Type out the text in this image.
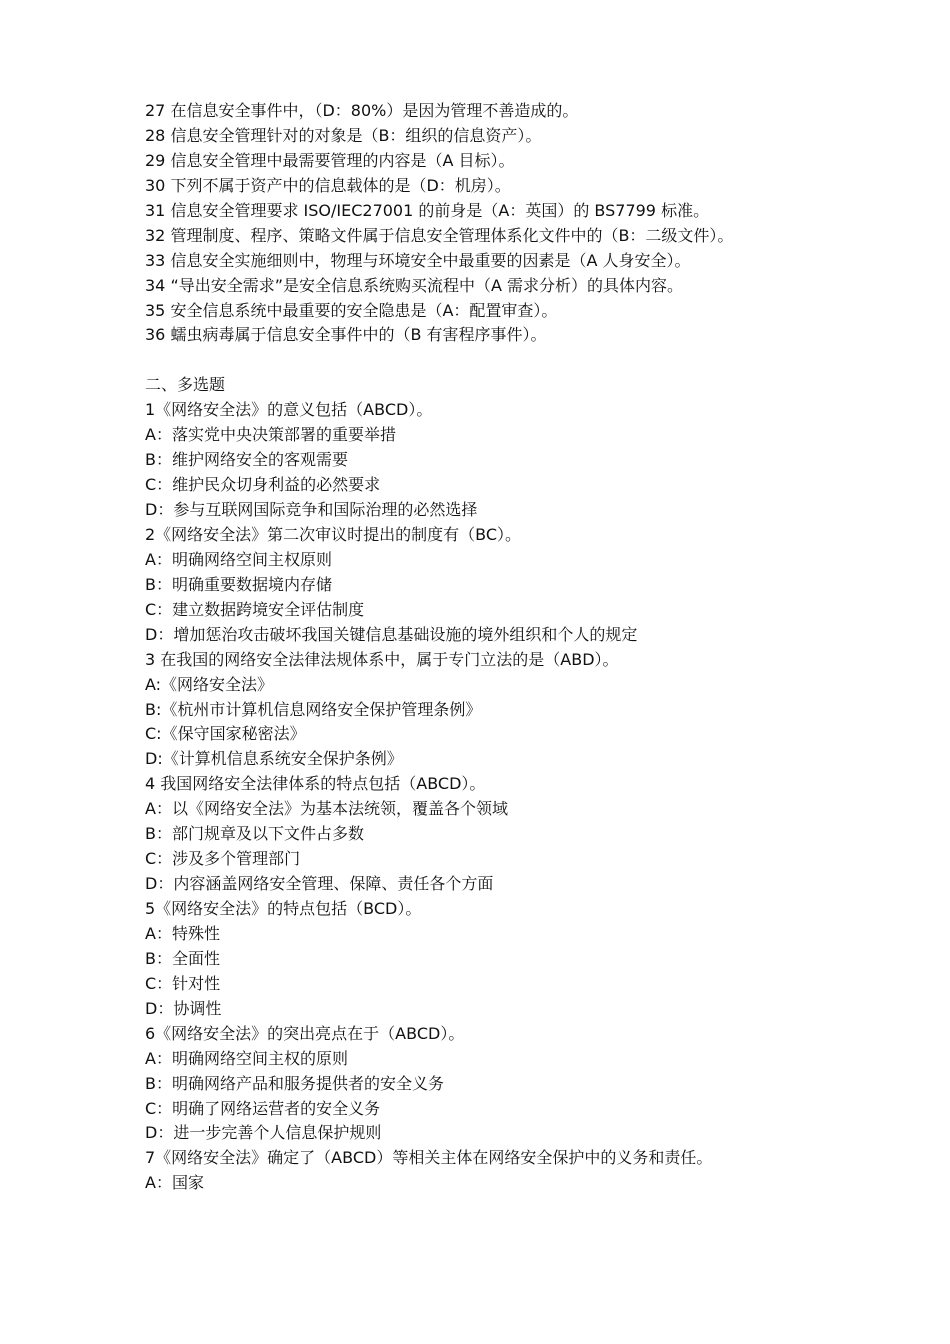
27 在信息安全事件中，（D：80%）是因为管理不善造成的。
28 信息安全管理针对的对象是（B：组织的信息资产）。
29 信息安全管理中最需要管理的内容是（A 目标）。
30 下列不属于资产中的信息载体的是（D：机房）。
31 信息安全管理要求 ISO/IEC27001 的前身是（A：英国）的 BS7799 标准。
32 管理制度、程序、策略文件属于信息安全管理体系化文件中的（B：二级文件）。
33 信息安全实施细则中，物理与环境安全中最重要的因素是（A 人身安全）。
34 “导出安全需求”是安全信息系统购买流程中（A 需求分析）的具体内容。
35 安全信息系统中最重要的安全隐患是（A：配置审查）。
36 蠕虫病毒属于信息安全事件中的（B 有害程序事件）。
二、多选题
1《网络安全法》的意义包括（ABCD）。
A：落实党中央决策部署的重要举措
B：维护网络安全的客观需要
C：维护民众切身利益的必然要求
D：参与互联网国际竞争和国际治理的必然选择
2《网络安全法》第二次审议时提出的制度有（BC）。
A：明确网络空间主权原则
B：明确重要数据境内存储
C：建立数据跨境安全评估制度
D：增加惩治攻击破坏我国关键信息基础设施的境外组织和个人的规定
3 在我国的网络安全法律法规体系中，属于专门立法的是（ABD）。
A:《网络安全法》
B:《杭州市计算机信息网络安全保护管理条例》
C:《保守国家秘密法》
D:《计算机信息系统安全保护条例》
4 我国网络安全法律体系的特点包括（ABCD）。
A：以《网络安全法》为基本法统领，覆盖各个领域
B：部门规章及以下文件占多数
C：涉及多个管理部门
D：内容涵盖网络安全管理、保障、责任各个方面
5《网络安全法》的特点包括（BCD）。
A：特殊性
B：全面性
C：针对性
D：协调性
6《网络安全法》的突出亮点在于（ABCD）。
A：明确网络空间主权的原则
B：明确网络产品和服务提供者的安全义务
C：明确了网络运营者的安全义务
D：进一步完善个人信息保护规则
7《网络安全法》确定了（ABCD）等相关主体在网络安全保护中的义务和责任。
A：国家
